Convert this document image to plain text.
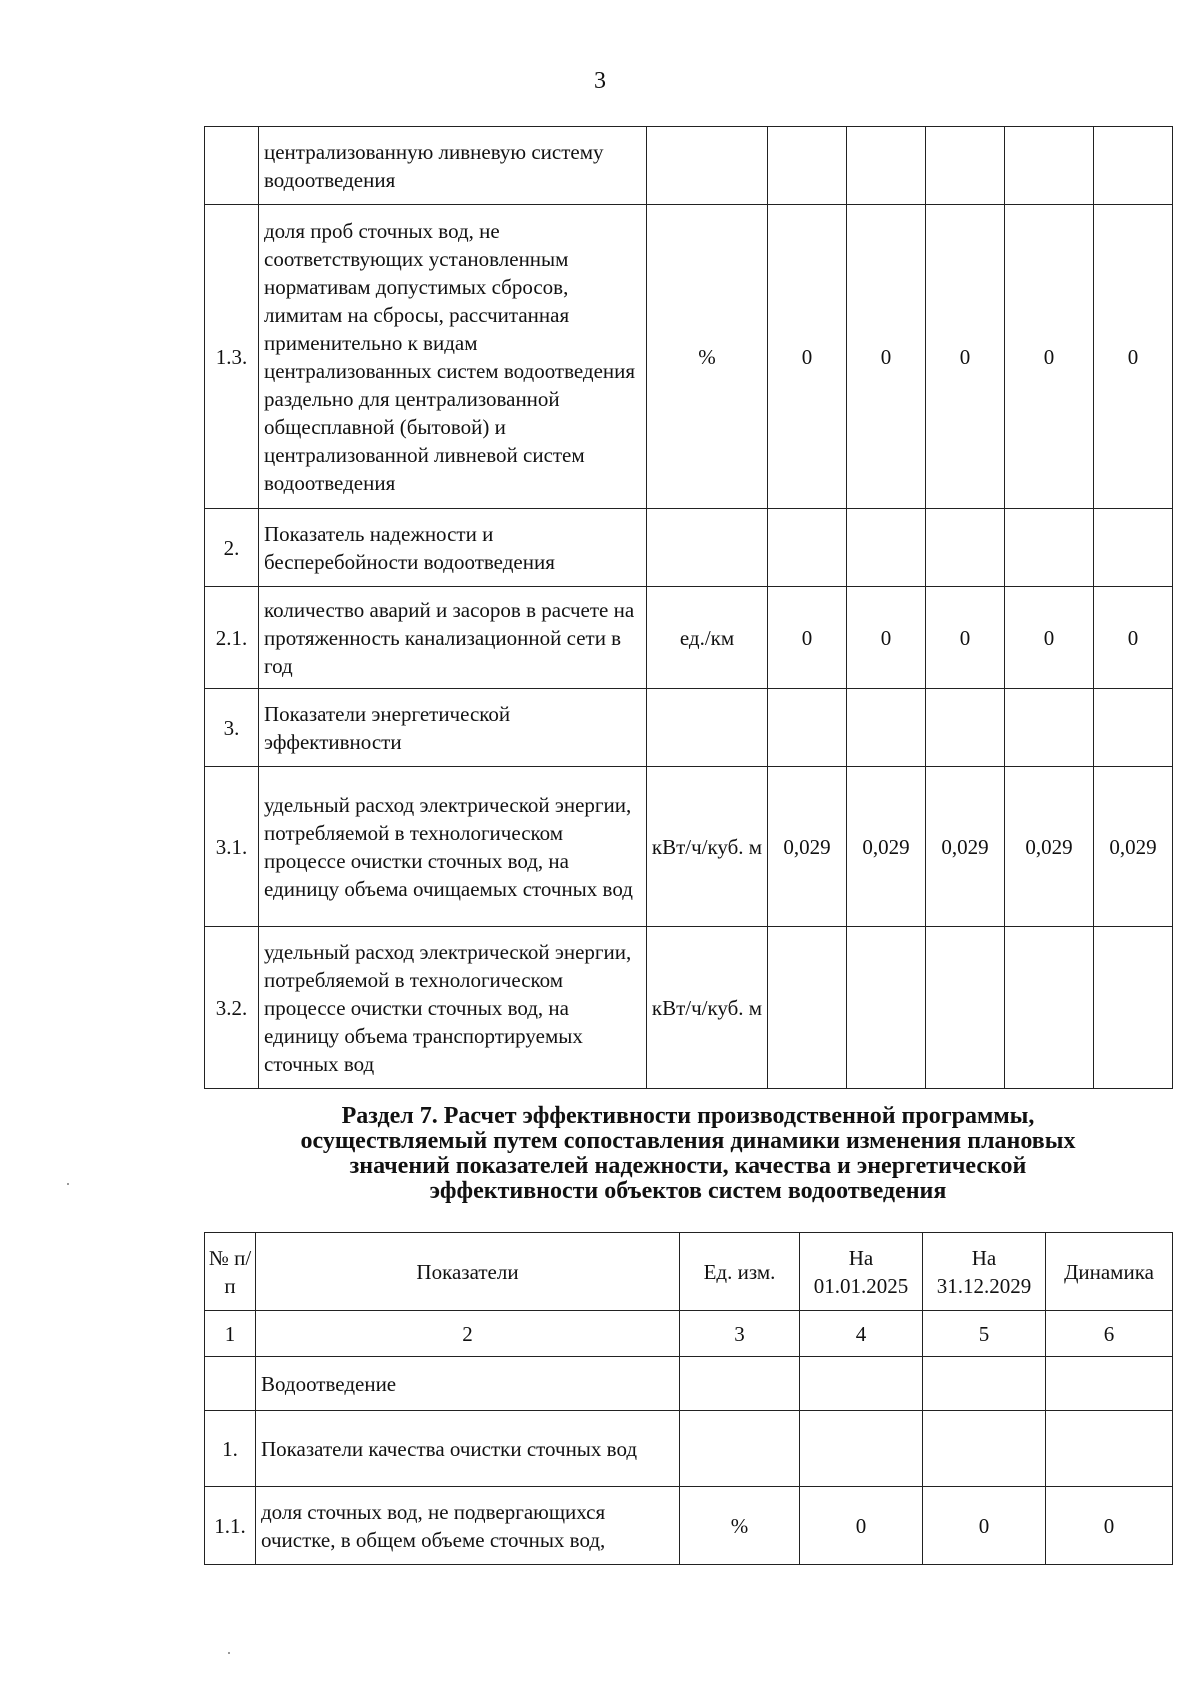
3
	централизованную ливневую систему водоотведения						
1.3.	доля проб сточных вод, не соответствующих установленным нормативам допустимых сбросов, лимитам на сбросы, рассчитанная применительно к видам централизованных систем водоотведения раздельно для централизованной общесплавной (бытовой) и централизованной ливневой систем водоотведения	%	0	0	0	0	0
2.	Показатель надежности и бесперебойности водоотведения						
2.1.	количество аварий и засоров в расчете на протяженность канализационной сети в год	ед./км	0	0	0	0	0
3.	Показатели энергетической эффективности						
3.1.	удельный расход электрической энергии, потребляемой в технологическом процессе очистки сточных вод, на единицу объема очищаемых сточных вод	кВт/ч/куб. м	0,029	0,029	0,029	0,029	0,029
3.2.	удельный расход электрической энергии, потребляемой в технологическом процессе очистки сточных вод, на единицу объема транспортируемых сточных вод	кВт/ч/куб. м					
Раздел 7. Расчет эффективности производственной программы,
осуществляемый путем сопоставления динамики изменения плановых
значений показателей надежности, качества и энергетической
эффективности объектов систем водоотведения
№ п/п	Показатели	Ед. изм.	На 01.01.2025	На 31.12.2029	Динамика
1	2	3	4	5	6
	Водоотведение				
1.	Показатели качества очистки сточных вод				
1.1.	доля сточных вод, не подвергающихся очистке, в общем объеме сточных вод,	%	0	0	0
